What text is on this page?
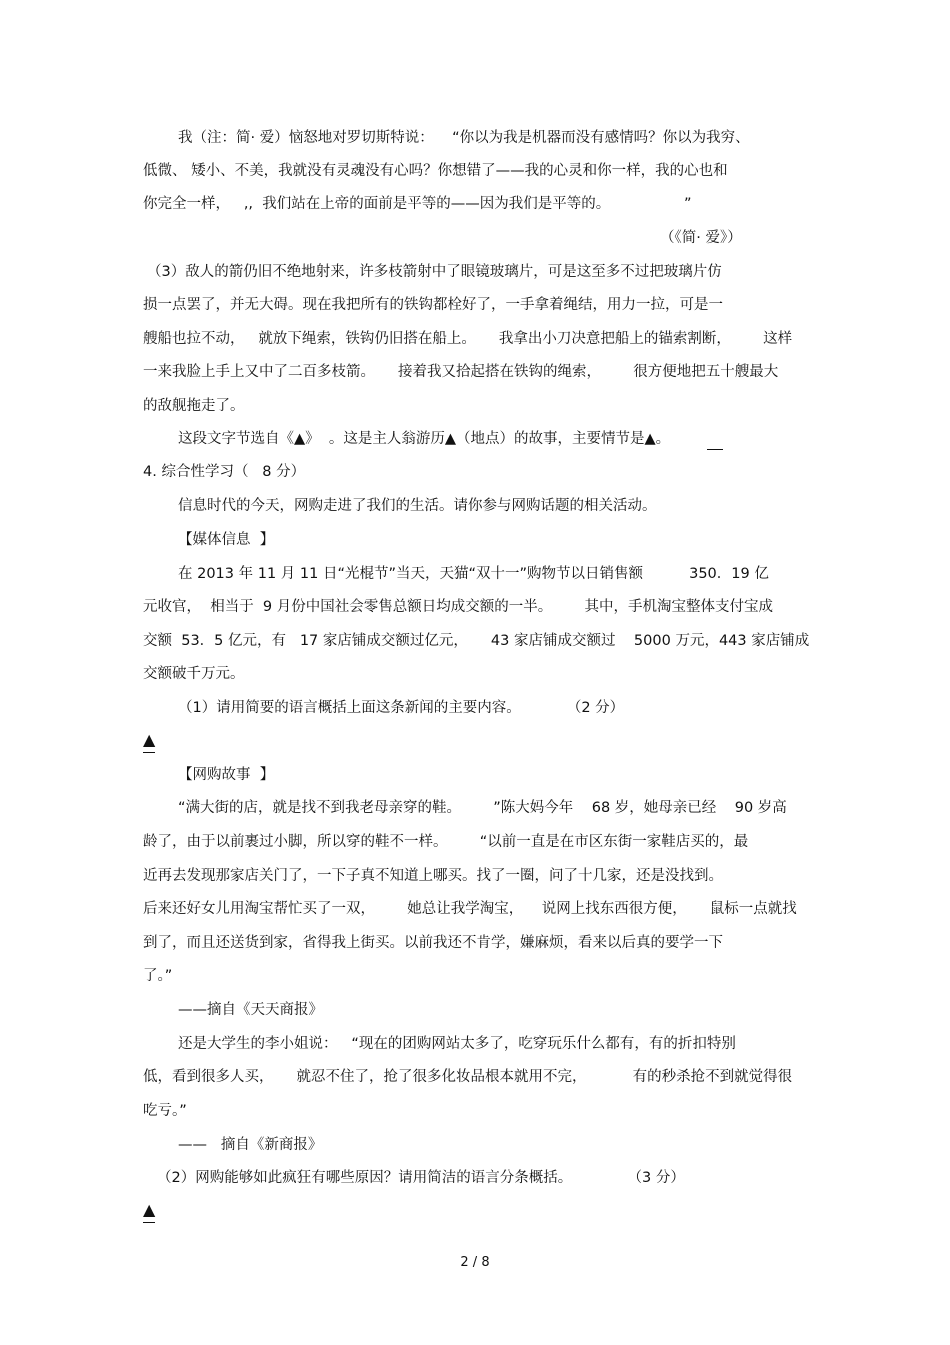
我（注：简· 爱）恼怒地对罗切斯特说：    “你以为我是机器而没有感情吗？你以为我穷、
低微、 矮小、不美，我就没有灵魂没有心吗？你想错了——我的心灵和你一样，我的心也和
你完全一样，   ,,  我们站在上帝的面前是平等的——因为我们是平等的。                ”
（《简· 爱》）
（3）敌人的箭仍旧不绝地射来，许多枝箭射中了眼镜玻璃片，可是这至多不过把玻璃片仿
损一点罢了，并无大碍。现在我把所有的铁钩都栓好了，一手拿着绳结，用力一拉，可是一
艘船也拉不动，   就放下绳索，铁钩仍旧搭在船上。     我拿出小刀决意把船上的锚索割断，       这样
一来我脸上手上又中了二百多枝箭。     接着我又拾起搭在铁钩的绳索，       很方便地把五十艘最大
的敌舰拖走了。
这段文字节选自《▲》  。这是主人翁游历▲（地点）的故事，主要情节是▲。
4. 综合性学习（   8 分）
信息时代的今天，网购走进了我们的生活。请你参与网购话题的相关活动。
【媒体信息  】
在 2013 年 11 月 11 日“光棍节”当天，天猫“双十一”购物节以日销售额          350．19 亿
元收官，  相当于  9 月份中国社会零售总额日均成交额的一半。       其中，手机淘宝整体支付宝成
交额  53．5 亿元，有   17 家店铺成交额过亿元，     43 家店铺成交额过    5000 万元，443 家店铺成
交额破千万元。
（1）请用简要的语言概括上面这条新闻的主要内容。          （2 分）
▲
【网购故事  】
“满大街的店，就是找不到我老母亲穿的鞋。       ”陈大妈今年    68 岁，她母亲已经    90 岁高
龄了，由于以前裹过小脚，所以穿的鞋不一样。       “以前一直是在市区东街一家鞋店买的，最
近再去发现那家店关门了，一下子真不知道上哪买。找了一圈，问了十几家，还是没找到。
后来还好女儿用淘宝帮忙买了一双，       她总让我学淘宝，    说网上找东西很方便，     鼠标一点就找
到了，而且还送货到家，省得我上街买。以前我还不肯学，嫌麻烦，看来以后真的要学一下
了。”
——摘自《天天商报》
还是大学生的李小姐说：   “现在的团购网站太多了，吃穿玩乐什么都有，有的折扣特别
低，看到很多人买，     就忍不住了，抢了很多化妆品根本就用不完，          有的秒杀抢不到就觉得很
吃亏。”
——   摘自《新商报》
（2）网购能够如此疯狂有哪些原因？请用简洁的语言分条概括。            （3 分）
▲
2 / 8
